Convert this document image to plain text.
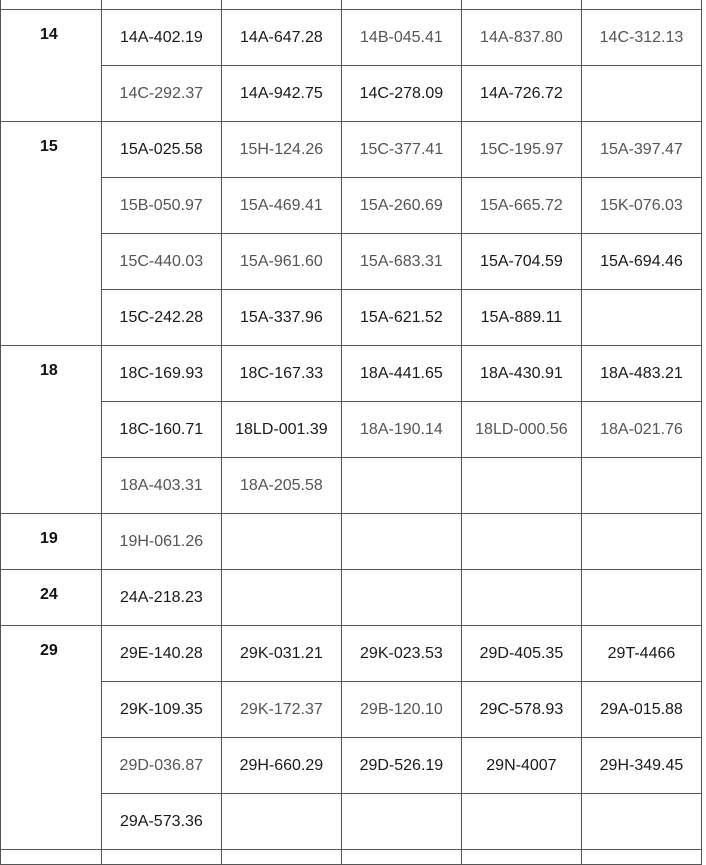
14	14A-402.19	14A-647.28	14B-045.41	14A-837.80	14C-312.13
	14C-292.37	14A-942.75	14C-278.09	14A-726.72	

15	15A-025.58	15H-124.26	15C-377.41	15C-195.97	15A-397.47
	15B-050.97	15A-469.41	15A-260.69	15A-665.72	15K-076.03
	15C-440.03	15A-961.60	15A-683.31	15A-704.59	15A-694.46
	15C-242.28	15A-337.96	15A-621.52	15A-889.11	

18	18C-169.93	18C-167.33	18A-441.65	18A-430.91	18A-483.21
	18C-160.71	18LD-001.39	18A-190.14	18LD-000.56	18A-021.76
	18A-403.31	18A-205.58			

19	19H-061.26				

24	24A-218.23				

29	29E-140.28	29K-031.21	29K-023.53	29D-405.35	29T-4466
	29K-109.35	29K-172.37	29B-120.10	29C-578.93	29A-015.88
	29D-036.87	29H-660.29	29D-526.19	29N-4007	29H-349.45
	29A-573.36				
